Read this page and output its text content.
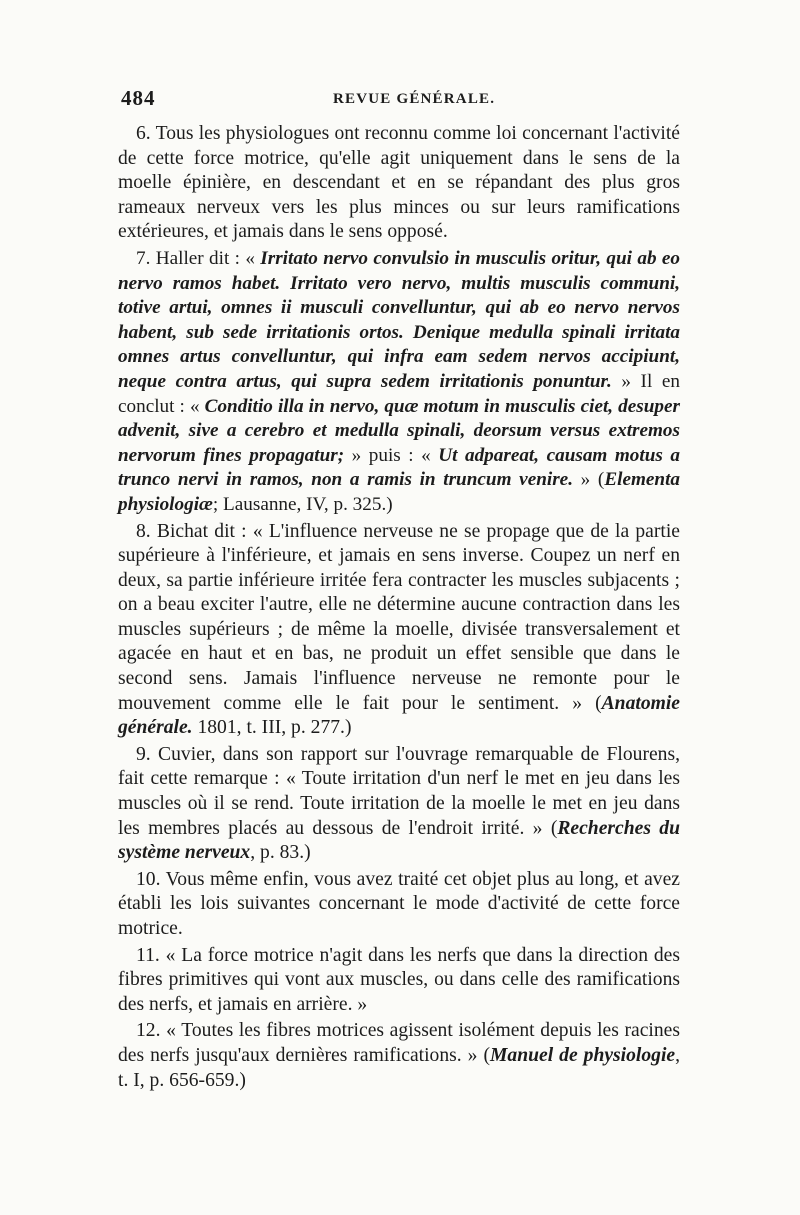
484	REVUE GÉNÉRALE.

6. Tous les physiologues ont reconnu comme loi concernant l'activité de cette force motrice, qu'elle agit uniquement dans le sens de la moelle épinière, en descendant et en se répandant des plus gros rameaux nerveux vers les plus minces ou sur leurs ramifications extérieures, et jamais dans le sens opposé.

7. Haller dit : « Irritato nervo convulsio in musculis oritur, qui ab eo nervo ramos habet. Irritato vero nervo, multis musculis communi, totive artui, omnes ii musculi convelluntur, qui ab eo nervo nervos habent, sub sede irritationis ortos. Denique medulla spinali irritata omnes artus convelluntur, qui infra eam sedem nervos accipiunt, neque contra artus, qui supra sedem irritationis ponuntur. » Il en conclut : « Conditio illa in nervo, quæ motum in musculis ciet, desuper advenit, sive a cerebro et medulla spinali, deorsum versus extremos nervorum fines propagatur; » puis : « Ut adpareat, causam motus a trunco nervi in ramos, non a ramis in truncum venire. » (Elementa physiologiæ; Lausanne, IV, p. 325.)

8. Bichat dit : « L'influence nerveuse ne se propage que de la partie supérieure à l'inférieure, et jamais en sens inverse. Coupez un nerf en deux, sa partie inférieure irritée fera contracter les muscles subjacents ; on a beau exciter l'autre, elle ne détermine aucune contraction dans les muscles supérieurs ; de même la moelle, divisée transversalement et agacée en haut et en bas, ne produit un effet sensible que dans le second sens. Jamais l'influence nerveuse ne remonte pour le mouvement comme elle le fait pour le sentiment. » (Anatomie générale. 1801, t. III, p. 277.)

9. Cuvier, dans son rapport sur l'ouvrage remarquable de Flourens, fait cette remarque : « Toute irritation d'un nerf le met en jeu dans les muscles où il se rend. Toute irritation de la moelle le met en jeu dans les membres placés au dessous de l'endroit irrité. » (Recherches du système nerveux, p. 83.)

10. Vous même enfin, vous avez traité cet objet plus au long, et avez établi les lois suivantes concernant le mode d'activité de cette force motrice.

11. « La force motrice n'agit dans les nerfs que dans la direction des fibres primitives qui vont aux muscles, ou dans celle des ramifications des nerfs, et jamais en arrière. »

12. « Toutes les fibres motrices agissent isolément depuis les racines des nerfs jusqu'aux dernières ramifications. » (Manuel de physiologie, t. I, p. 656-659.)
